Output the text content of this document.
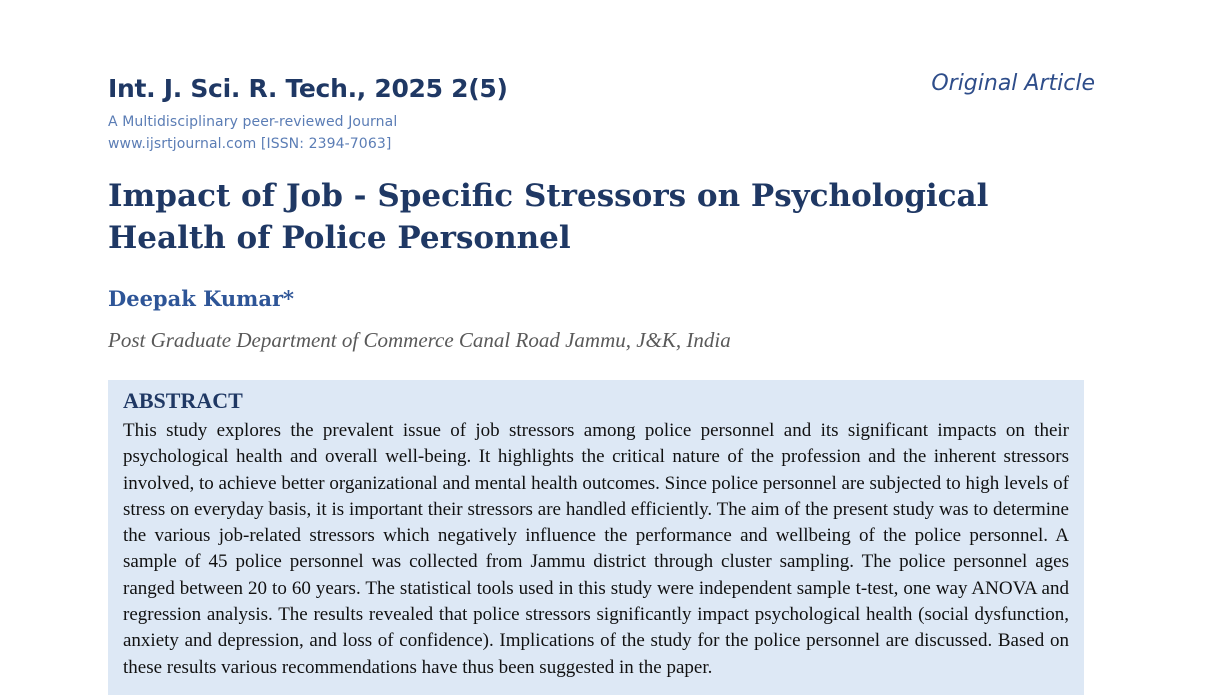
Int. J. Sci. R. Tech., 2025 2(5)	Original Article
A Multidisciplinary peer-reviewed Journal
www.ijsrtjournal.com [ISSN: 2394-7063]
Impact of Job - Specific Stressors on Psychological Health of Police Personnel
Deepak Kumar*
Post Graduate Department of Commerce Canal Road Jammu, J&K, India
ABSTRACT

This study explores the prevalent issue of job stressors among police personnel and its significant impacts on their psychological health and overall well-being. It highlights the critical nature of the profession and the inherent stressors involved, to achieve better organizational and mental health outcomes. Since police personnel are subjected to high levels of stress on everyday basis, it is important their stressors are handled efficiently. The aim of the present study was to determine the various job-related stressors which negatively influence the performance and wellbeing of the police personnel. A sample of 45 police personnel was collected from Jammu district through cluster sampling. The police personnel ages ranged between 20 to 60 years. The statistical tools used in this study were independent sample t-test, one way ANOVA and regression analysis. The results revealed that police stressors significantly impact psychological health (social dysfunction, anxiety and depression, and loss of confidence). Implications of the study for the police personnel are discussed. Based on these results various recommendations have thus been suggested in the paper.
